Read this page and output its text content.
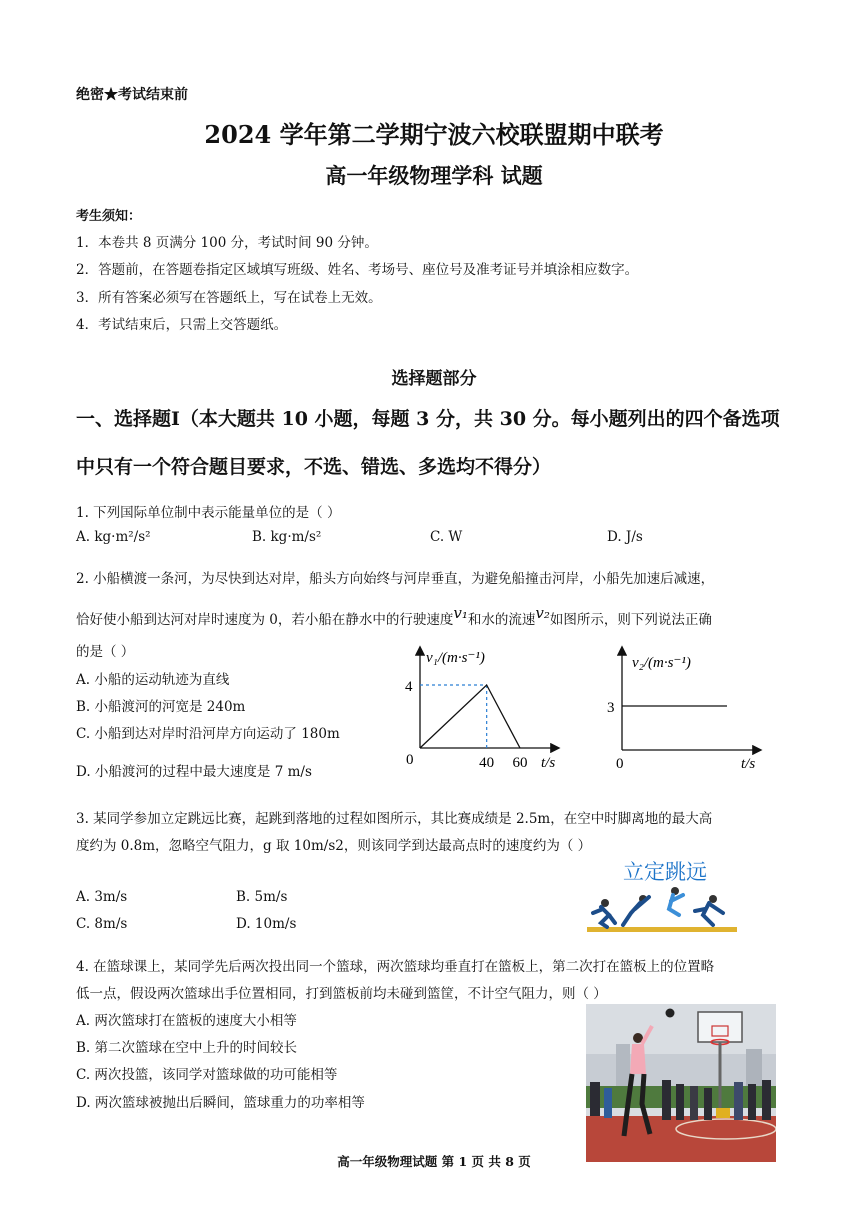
绝密★考试结束前
2024 学年第二学期宁波六校联盟期中联考
高一年级物理学科 试题
考生须知：
1．本卷共 8 页满分 100 分，考试时间 90 分钟。
2．答题前，在答题卷指定区域填写班级、姓名、考场号、座位号及准考证号并填涂相应数字。
3．所有答案必须写在答题纸上，写在试卷上无效。
4．考试结束后，只需上交答题纸。
选择题部分
一、选择题I（本大题共 10 小题，每题 3 分，共 30 分。每小题列出的四个备选项
中只有一个符合题目要求，不选、错选、多选均不得分）
1. 下列国际单位制中表示能量单位的是（ ）
A. kg·m²/s²	B. kg·m/s²	C. W	D. J/s
2. 小船横渡一条河，为尽快到达对岸，船头方向始终与河岸垂直，为避免船撞击河岸，小船先加速后减速，
恰好使小船到达河对岸时速度为 0，若小船在静水中的行驶速度v₁和水的流速v₂如图所示，则下列说法正确
的是（ ）
A. 小船的运动轨迹为直线
B. 小船渡河的河宽是 240m
C. 小船到达对岸时沿河岸方向运动了 180m
D. 小船渡河的过程中最大速度是 7 m/s
v₁/(m·s⁻¹)
t/s
0	40 60
4
v₂/(m·s⁻¹)
t/s
0
3
3. 某同学参加立定跳远比赛，起跳到落地的过程如图所示，其比赛成绩是 2.5m，在空中时脚离地的最大高
度约为 0.8m，忽略空气阻力，g 取 10m/s2，则该同学到达最高点时的速度约为（ ）
A. 3m/s	B. 5m/s
C. 8m/s	D. 10m/s
立定跳远
4. 在篮球课上，某同学先后两次投出同一个篮球，两次篮球均垂直打在篮板上，第二次打在篮板上的位置略
低一点，假设两次篮球出手位置相同，打到篮板前均未碰到篮筐，不计空气阻力，则（ ）
A. 两次篮球打在篮板的速度大小相等
B. 第二次篮球在空中上升的时间较长
C. 两次投篮，该同学对篮球做的功可能相等
D. 两次篮球被抛出后瞬间，篮球重力的功率相等
高一年级物理试题 第 1 页 共 8 页
